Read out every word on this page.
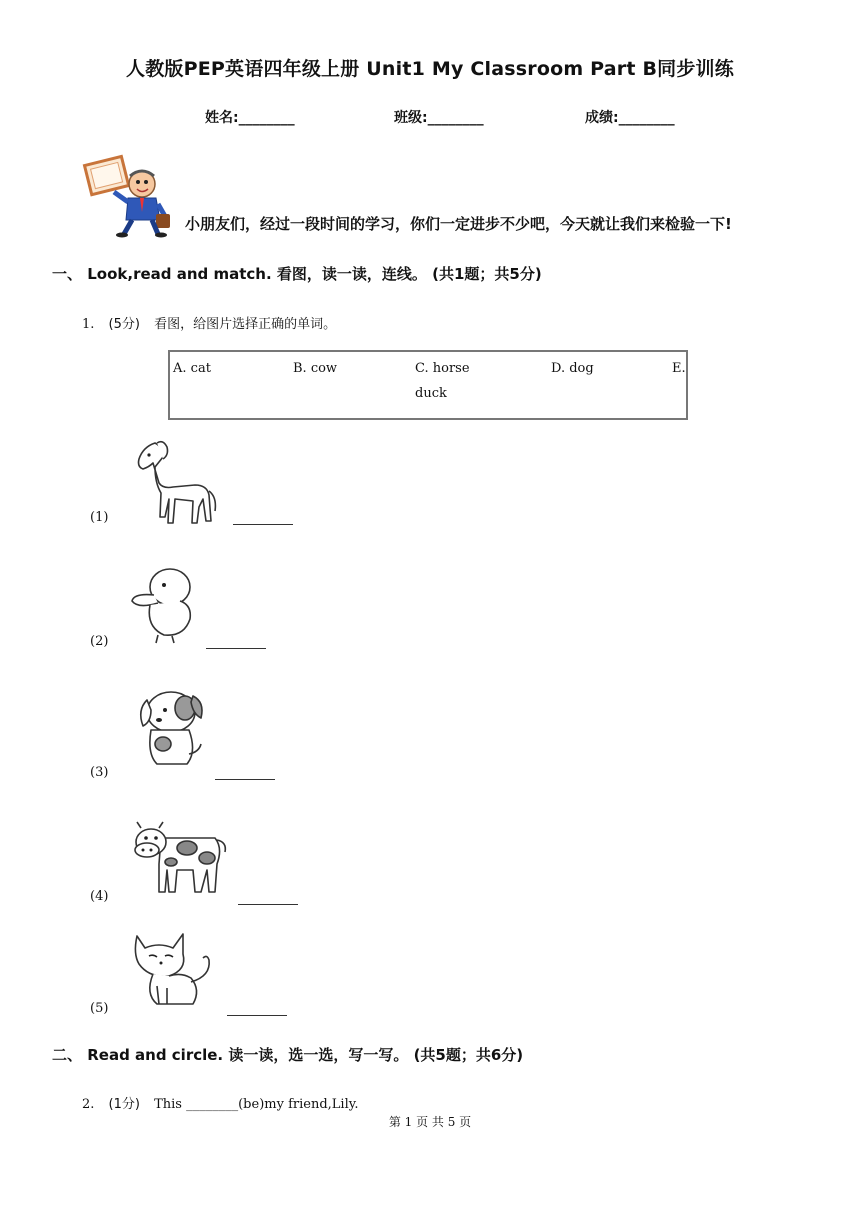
人教版PEP英语四年级上册 Unit1 My Classroom Part B同步训练
姓名:________	班级:________	成绩:________
小朋友们，经过一段时间的学习，你们一定进步不少吧，今天就让我们来检验一下!
一、 Look,read and match. 看图，读一读，连线。 (共1题；共5分)
1. (5分) 看图，给图片选择正确的单词。
A. cat	B. cow	C. horse	D. dog	E.
duck
(1)
(2)
(3)
(4)
(5)
二、 Read and circle. 读一读，选一选，写一写。 (共5题；共6分)
2. (1分) This ________(be)my friend,Lily.
第 1 页 共 5 页
